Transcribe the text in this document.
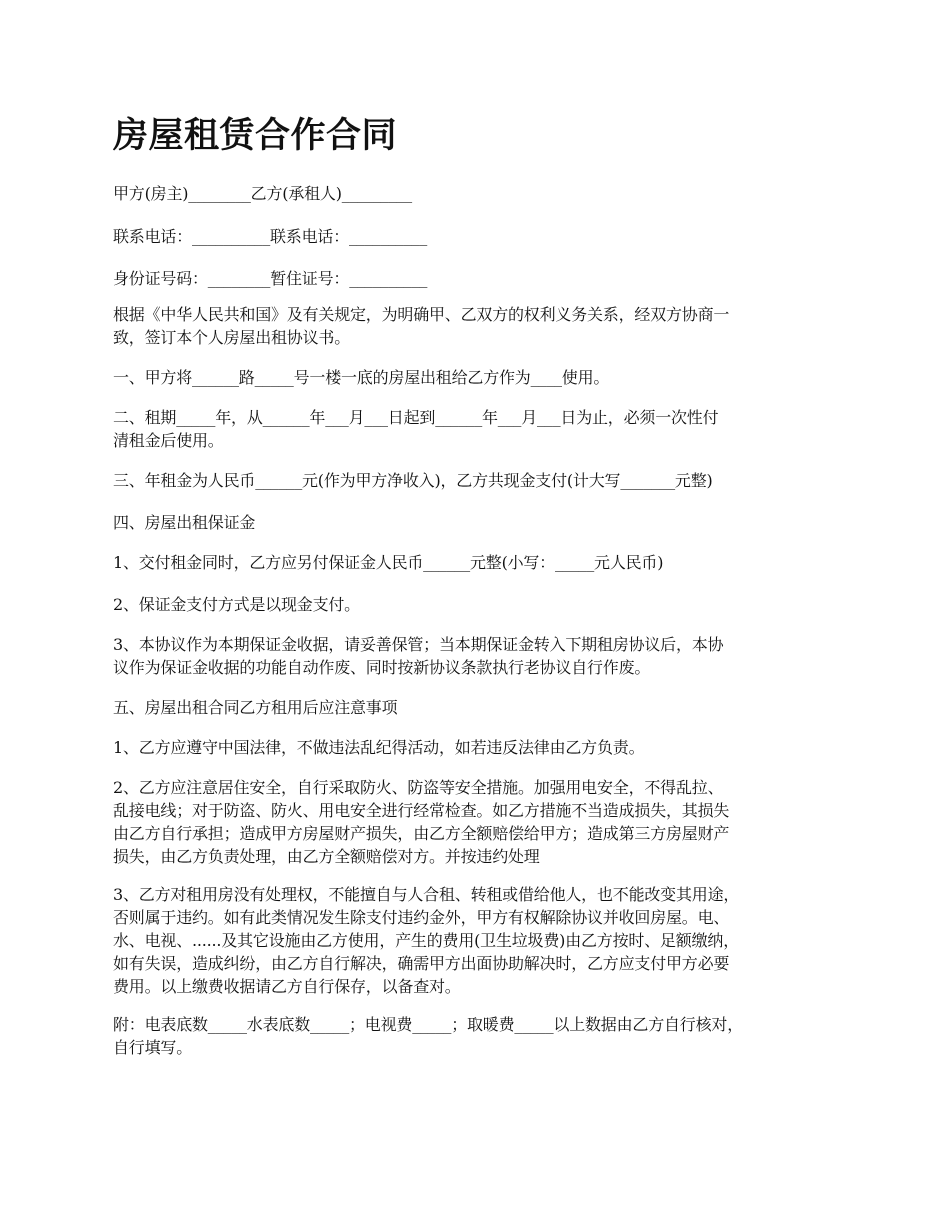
房屋租赁合作合同

甲方(房主)________乙方(承租人)_________

联系电话：__________联系电话：__________

身份证号码：________暂住证号：__________

根据《中华人民共和国》及有关规定，为明确甲、乙双方的权利义务关系，经双方协商一
致，签订本个人房屋出租协议书。

一、甲方将______路_____号一楼一底的房屋出租给乙方作为____使用。

二、租期_____年，从______年___月___日起到______年___月___日为止，必须一次性付
清租金后使用。

三、年租金为人民币______元(作为甲方净收入)，乙方共现金支付(计大写_______元整)

四、房屋出租保证金

1、交付租金同时，乙方应另付保证金人民币______元整(小写：_____元人民币)

2、保证金支付方式是以现金支付。

3、本协议作为本期保证金收据，请妥善保管；当本期保证金转入下期租房协议后，本协
议作为保证金收据的功能自动作废、同时按新协议条款执行老协议自行作废。

五、房屋出租合同乙方租用后应注意事项

1、乙方应遵守中国法律，不做违法乱纪得活动，如若违反法律由乙方负责。

2、乙方应注意居住安全，自行采取防火、防盗等安全措施。加强用电安全，不得乱拉、
乱接电线；对于防盗、防火、用电安全进行经常检查。如乙方措施不当造成损失，其损失
由乙方自行承担；造成甲方房屋财产损失，由乙方全额赔偿给甲方；造成第三方房屋财产
损失，由乙方负责处理，由乙方全额赔偿对方。并按违约处理

3、乙方对租用房没有处理权，不能擅自与人合租、转租或借给他人，也不能改变其用途，
否则属于违约。如有此类情况发生除支付违约金外，甲方有权解除协议并收回房屋。电、
水、电视、......及其它设施由乙方使用，产生的费用(卫生垃圾费)由乙方按时、足额缴纳，
如有失误，造成纠纷，由乙方自行解决，确需甲方出面协助解决时，乙方应支付甲方必要
费用。以上缴费收据请乙方自行保存，以备查对。

附：电表底数_____水表底数_____；电视费_____；取暖费_____以上数据由乙方自行核对，
自行填写。
